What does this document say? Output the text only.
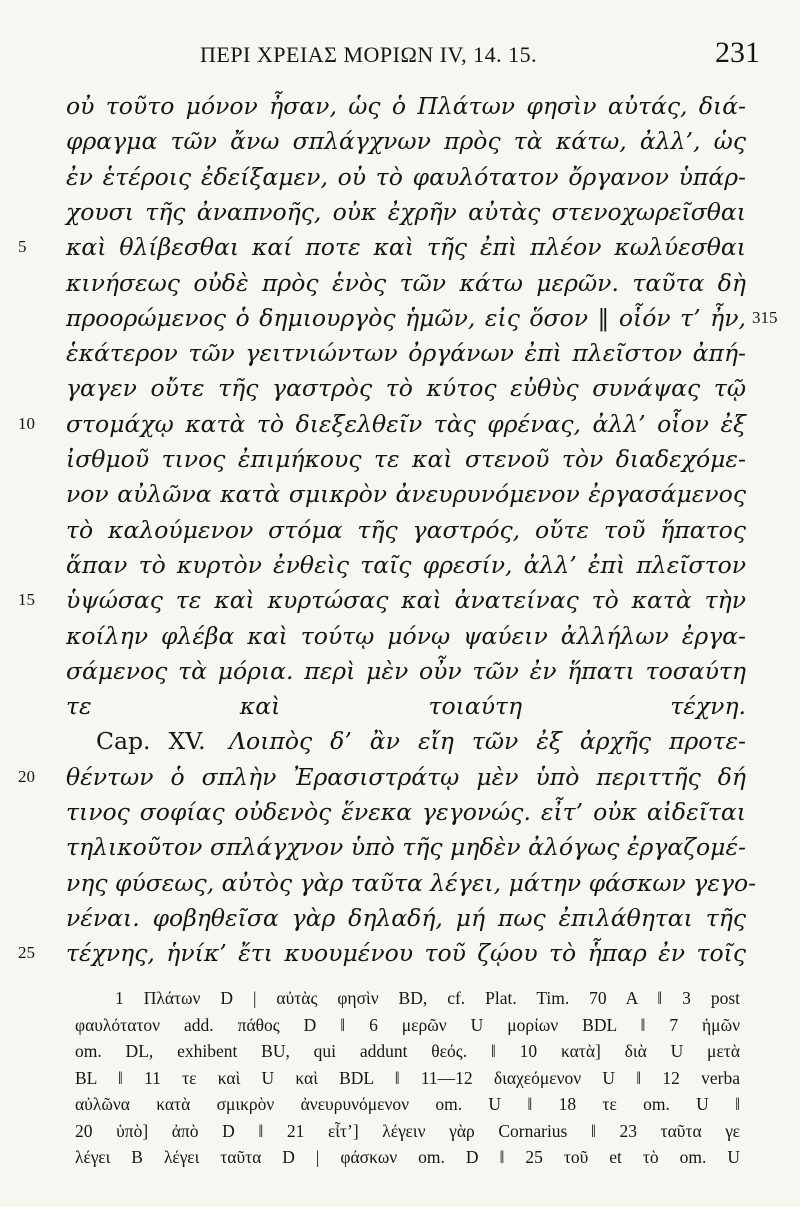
ΠΕΡΙ ΧΡΕΙΑΣ ΜΟΡΙΩΝ IV, 14. 15.	231
οὐ τοῦτο μόνον ἦσαν, ὡς ὁ Πλάτων φησὶν αὐτάς, διά-
φραγμα τῶν ἄνω σπλάγχνων πρὸς τὰ κάτω, ἀλλ’, ὡς
ἐν ἑτέροις ἐδείξαμεν, οὐ τὸ φαυλότατον ὄργανον ὑπάρ-
χουσι τῆς ἀναπνοῆς, οὐκ ἐχρῆν αὐτὰς στενοχωρεῖσθαι
5	καὶ θλίβεσθαι καί ποτε καὶ τῆς ἐπὶ πλέον κωλύεσθαι
κινήσεως οὐδὲ πρὸς ἑνὸς τῶν κάτω μερῶν. ταῦτα δὴ
προορώμενος ὁ δημιουργὸς ἡμῶν, εἰς ὅσον ‖ οἷόν τ’ ἦν,
ἑκάτερον τῶν γειτνιώντων ὀργάνων ἐπὶ πλεῖστον ἀπή-
γαγεν οὔτε τῆς γαστρὸς τὸ κύτος εὐθὺς συνάψας τῷ
10	στομάχῳ κατὰ τὸ διεξελθεῖν τὰς φρένας, ἀλλ’ οἷον ἐξ
ἰσθμοῦ τινος ἐπιμήκους τε καὶ στενοῦ τὸν διαδεχόμε-
νον αὐλῶνα κατὰ σμικρὸν ἀνευρυνόμενον ἐργασάμενος
τὸ καλούμενον στόμα τῆς γαστρός, οὔτε τοῦ ἥπατος
ἅπαν τὸ κυρτὸν ἐνθεὶς ταῖς φρεσίν, ἀλλ’ ἐπὶ πλεῖστον
15	ὑψώσας τε καὶ κυρτώσας καὶ ἀνατείνας τὸ κατὰ τὴν
κοίλην φλέβα καὶ τούτῳ μόνῳ ψαύειν ἀλλήλων ἐργα-
σάμενος τὰ μόρια. περὶ μὲν οὖν τῶν ἐν ἥπατι τοσαύτη
τε καὶ τοιαύτη τέχνη.
Cap. XV.  Λοιπὸς δ’ ἂν εἴη τῶν ἐξ ἀρχῆς προτε-
20	θέντων ὁ σπλὴν Ἐρασιστράτῳ μὲν ὑπὸ περιττῆς δή
τινος σοφίας οὐδενὸς ἕνεκα γεγονώς. εἶτ’ οὐκ αἰδεῖται
τηλικοῦτον σπλάγχνον ὑπὸ τῆς μηδὲν ἀλόγως ἐργαζομέ-
νης φύσεως, αὐτὸς γὰρ ταῦτα λέγει, μάτην φάσκων γεγο-
νέναι. φοβηθεῖσα γὰρ δηλαδή, μή πως ἐπιλάθηται τῆς
25	τέχνης, ἡνίκ’ ἔτι κυουμένου τοῦ ζῴου τὸ ἧπαρ ἐν τοῖς
315
1 Πλάτων D | αὐτὰς φησὶν BD, cf. Plat. Tim. 70 A ‖ 3 post
φαυλότατον add. πάθος D ‖ 6 μερῶν U μορίων BDL ‖ 7 ἡμῶν
om. DL, exhibent BU, qui addunt θεός. ‖ 10 κατὰ] διὰ U μετὰ
BL ‖ 11 τε καὶ U καὶ BDL ‖ 11—12 διαχεόμενον U ‖ 12 verba
αὐλῶνα κατὰ σμικρὸν ἀνευρυνόμενον om. U ‖ 18 τε om. U ‖
20 ὑπὸ] ἀπὸ D ‖ 21 εἶτ’] λέγειν γὰρ Cornarius ‖ 23 ταῦτα γε
λέγει B λέγει ταῦτα D | φάσκων om. D ‖ 25 τοῦ et τὸ om. U
